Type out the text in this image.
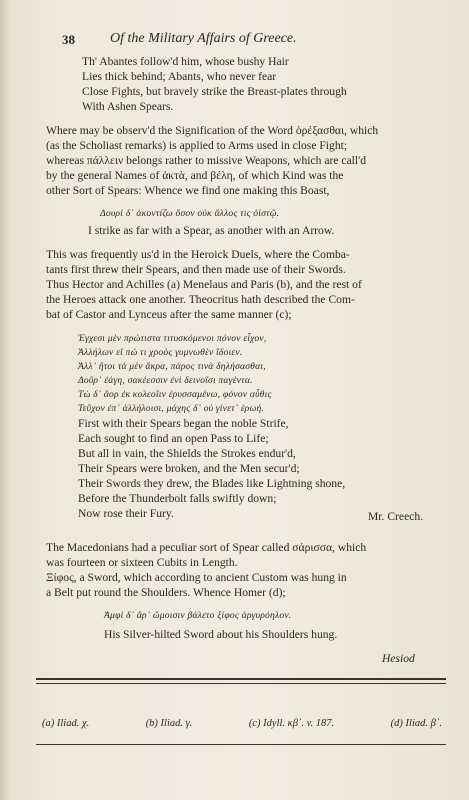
38	Of the Military Affairs of Greece.
Th' Abantes follow'd him, whose bushy Hair
Lies thick behind; Abants, who never fear
Close Fights, but bravely strike the Breast-plates through
With Ashen Spears.
Where may be observ'd the Signification of the Word ὀρέξασθαι, which
(as the Scholiast remarks) is applied to Arms used in close Fight;
whereas πάλλειν belongs rather to missive Weapons, which are call'd
by the general Names of ἀκτὰ, and βέλη, of which Kind was the
other Sort of Spears: Whence we find one making this Boast,
Δουρὶ δ᾽ ἀκοντίζω ὅσον οὐκ ἄλλος τις ὀϊστῷ.
I strike as far with a Spear, as another with an Arrow.
This was frequently us'd in the Heroick Duels, where the Comba-
tants first threw their Spears, and then made use of their Swords.
Thus Hector and Achilles (a) Menelaus and Paris (b), and the rest of
the Heroes attack one another. Theocritus hath described the Com-
bat of Castor and Lynceus after the same manner (c);
Ἐγχεσι μὲν πρώτιστα τιτυσκόμενοι πόνον εἶχον,
Ἀλλήλων εἴ πώ τι χροὸς γυμνωθὲν ἴδοιεν.
Ἀλλ᾽ ἤτοι τὰ μὲν ἄκρα, πάρος τινὰ δηλήσασθαι,
Δοῦρ᾽ ἐάγη, σακέεσσιν ἐνὶ δεινοῖσι παγέντα.
Τὼ δ᾽ ἄορ ἐκ κολεοῖιν ἐρυσσαμένω, φόνον αὖθις
Τεῦχον ἐπ᾽ ἀλλήλοισι, μάχης δ᾽ οὐ γίνετ᾽ ἐρωή.
First with their Spears began the noble Strife,
Each sought to find an open Pass to Life;
But all in vain, the Shields the Strokes endur'd,
Their Spears were broken, and the Men secur'd;
Their Swords they drew, the Blades like Lightning shone,
Before the Thunderbolt falls swiftly down;
Now rose their Fury.	Mr. Creech.
The Macedonians had a peculiar sort of Spear called σάρισσα, which
was fourteen or sixteen Cubits in Length.
Ξίφος, a Sword, which according to ancient Custom was hung in
a Belt put round the Shoulders. Whence Homer (d);
Ἀμφὶ δ᾽ ἄρ᾽ ὤμοισιν βάλετο ξίφος ἀργυρόηλον.
His Silver-hilted Sword about his Shoulders hung.
Hesiod
(a) Iliad. χ.	(b) Iliad. γ.	(c) Idyll. κβ᾽. v. 187.	(d) Iliad. β᾽.
